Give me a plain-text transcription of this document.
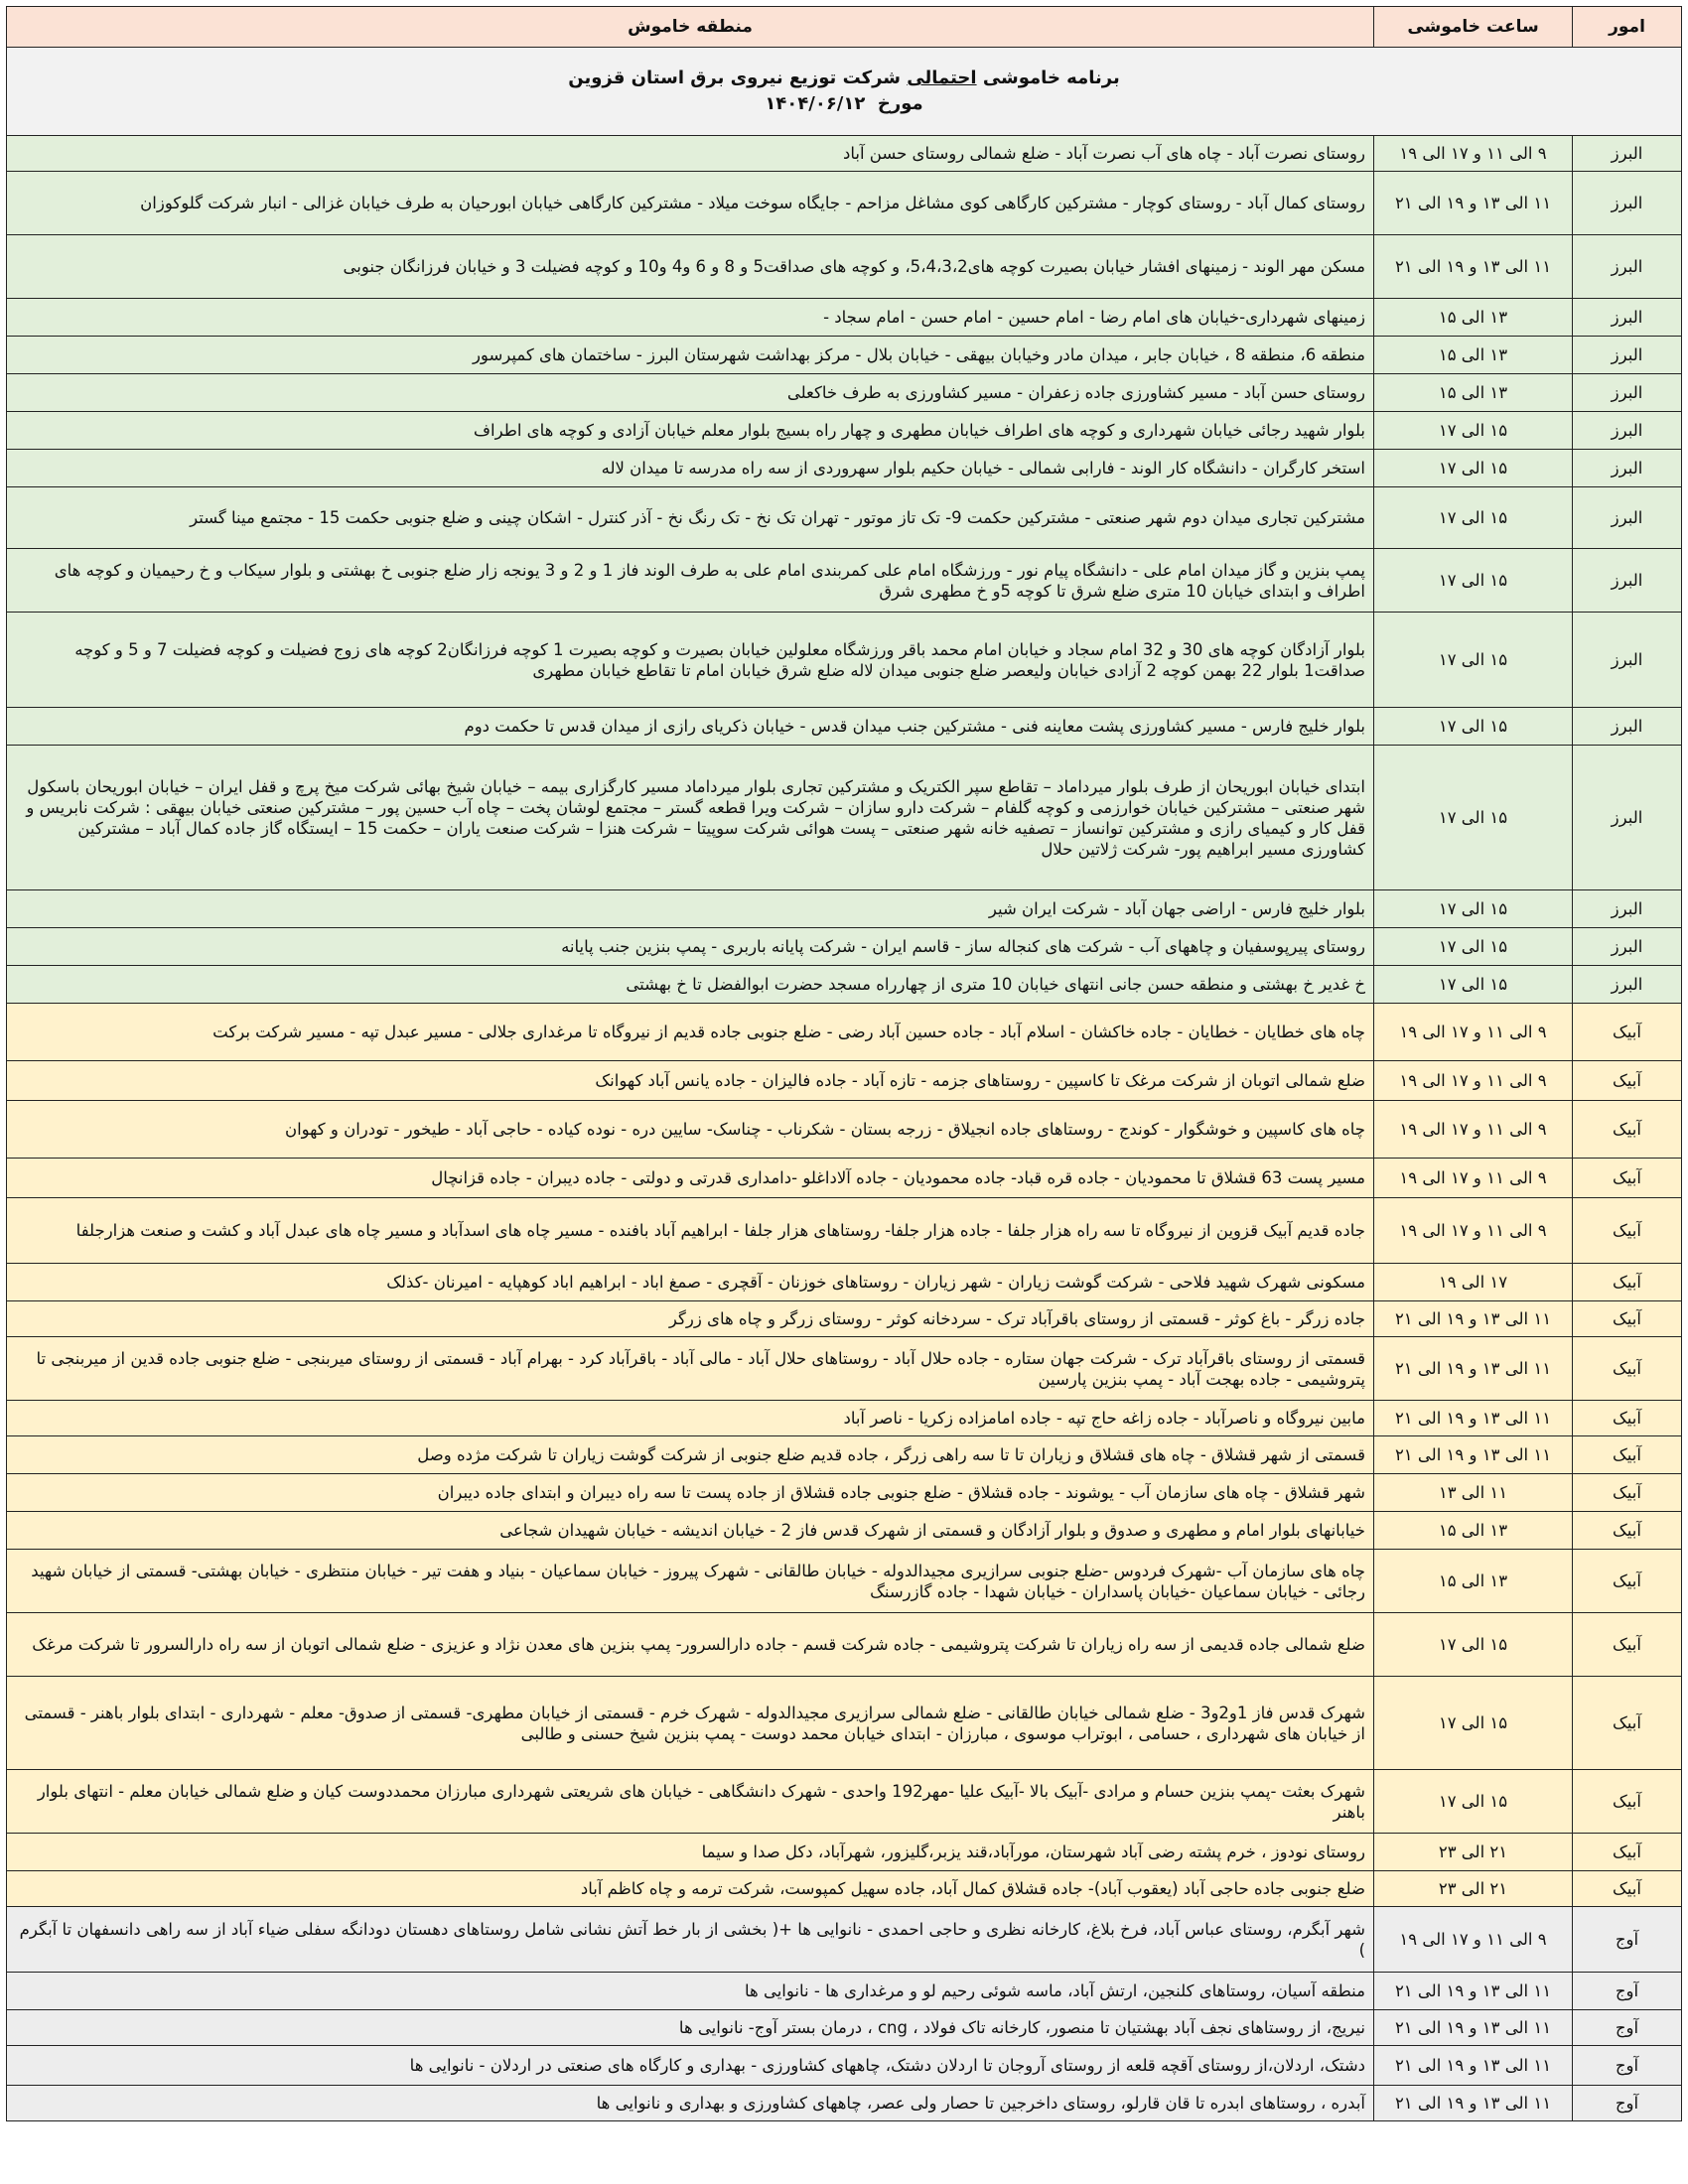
برنامه خاموشی احتمالی شرکت توزیع نیروی برق استان قزوین
مورخ  ۱۴۰۴/۰۶/۱۲		

امور	ساعت خاموشی	منطقه خاموش
البرز	۹ الی ۱۱ و ۱۷ الی ۱۹	روستای نصرت آباد - چاه های آب نصرت آباد - ضلع شمالی روستای حسن آباد
البرز	۱۱ الی ۱۳ و ۱۹ الی ۲۱	روستای کمال آباد - روستای کوچار - مشترکین کارگاهی کوی مشاغل مزاحم - جایگاه سوخت میلاد - مشترکین کارگاهی خیابان ابورحیان به طرف خیابان غزالی - انبار شرکت گلوکوزان
البرز	۱۱ الی ۱۳ و ۱۹ الی ۲۱	مسکن مهر الوند - زمینهای افشار خیابان بصیرت کوچه های5،4،3،2، و کوچه های صداقت5 و 8 و 6 و4 و10 و کوچه فضیلت 3 و خیابان فرزانگان جنوبی
البرز	۱۳ الی ۱۵	زمینهای شهرداری-خیابان های امام رضا - امام حسین - امام حسن - امام سجاد -
البرز	۱۳ الی ۱۵	منطقه 6، منطقه 8 ، خیابان جابر ، میدان مادر وخیابان بیهقی - خیابان بلال - مرکز بهداشت شهرستان البرز - ساختمان های کمپرسور
البرز	۱۳ الی ۱۵	روستای حسن آباد - مسیر کشاورزی جاده زعفران - مسیر کشاورزی به طرف خاکعلی
البرز	۱۵ الی ۱۷	بلوار شهید رجائی خیابان شهرداری و کوچه های اطراف خیابان مطهری و چهار راه بسیج بلوار معلم خیابان آزادی و کوچه های اطراف
البرز	۱۵ الی ۱۷	استخر کارگران - دانشگاه کار الوند - فارابی شمالی - خیابان حکیم بلوار سهروردی از سه راه مدرسه تا میدان لاله
البرز	۱۵ الی ۱۷	مشترکین تجاری میدان دوم شهر صنعتی - مشترکین حکمت 9- تک تاز موتور - تهران تک نخ - تک رنگ نخ - آذر کنترل - اشکان چینی و ضلع جنوبی حکمت 15 - مجتمع مینا گستر
البرز	۱۵ الی ۱۷	پمپ بنزین و گاز میدان امام علی - دانشگاه پیام نور - ورزشگاه امام علی کمربندی امام علی به طرف الوند فاز 1 و 2 و 3 یونجه زار ضلع جنوبی خ بهشتی و بلوار سیکاب و خ رحیمیان و کوچه های اطراف و ابتدای خیابان 10 متری ضلع شرق تا کوچه 5و خ مطهری شرق
البرز	۱۵ الی ۱۷	بلوار آزادگان کوچه های 30 و 32 امام سجاد و خیابان امام محمد باقر ورزشگاه معلولین خیابان بصیرت و کوچه بصیرت 1 کوچه فرزانگان2 کوچه های زوج فضیلت و کوچه فضیلت 7 و 5 و کوچه صداقت1 بلوار 22 بهمن کوچه 2 آزادی خیابان ولیعصر ضلع جنوبی میدان لاله ضلع شرق خیابان امام تا تقاطع خیابان مطهری
البرز	۱۵ الی ۱۷	بلوار خلیج فارس - مسیر کشاورزی پشت معاینه فنی - مشترکین جنب میدان قدس - خیابان ذکریای رازی از میدان قدس تا حکمت دوم
البرز	۱۵ الی ۱۷	ابتدای خیابان ابوریحان از طرف بلوار میرداماد – تقاطع سپر الکتریک و مشترکین تجاری بلوار میرداماد مسیر کارگزاری بیمه – خیابان شیخ بهائی شرکت میخ پرچ و قفل ایران – خیابان ابوریحان باسکول شهر صنعتی – مشترکین خیابان خوارزمی و کوچه گلفام – شرکت دارو سازان – شرکت ویرا قطعه گستر – مجتمع لوشان پخت – چاه آب حسین پور – مشترکین صنعتی خیابان بیهقی : شرکت نابریس و قفل کار و کیمیای رازی و مشترکین توانساز – تصفیه خانه شهر صنعتی – پست هوائی شرکت سوپیتا – شرکت هنزا – شرکت صنعت یاران – حکمت 15 – ایستگاه گاز جاده کمال آباد – مشترکین کشاورزی مسیر ابراهیم پور- شرکت ژلاتین حلال
البرز	۱۵ الی ۱۷	بلوار خلیج فارس - اراضی جهان آباد - شرکت ایران شیر
البرز	۱۵ الی ۱۷	روستای پیرپوسفیان و چاههای آب - شرکت های کنجاله ساز - قاسم ایران - شرکت پایانه باربری - پمپ بنزین جنب پایانه
البرز	۱۵ الی ۱۷	خ غدیر خ بهشتی و منطقه حسن جانی انتهای خیابان 10 متری از چهارراه مسجد حضرت ابوالفضل تا خ بهشتی
آبیک	۹ الی ۱۱ و ۱۷ الی ۱۹	چاه های خطایان - خطایان - جاده خاکشان - اسلام آباد - جاده حسین آباد رضی - ضلع جنوبی جاده قدیم از نیروگاه تا مرغداری جلالی - مسیر عبدل تپه - مسیر شرکت برکت
آبیک	۹ الی ۱۱ و ۱۷ الی ۱۹	ضلع شمالی اتوبان از شرکت مرغک تا کاسپین - روستاهای جزمه - تازه آباد - جاده فالیزان - جاده یانس آباد کهوانک
آبیک	۹ الی ۱۱ و ۱۷ الی ۱۹	چاه های کاسپین و خوشگوار - کوندج - روستاهای جاده انجیلاق - زرجه بستان - شکرناب - چناسک- سایین دره - نوده کیاده - حاجی آباد - طیخور - تودران و کهوان
آبیک	۹ الی ۱۱ و ۱۷ الی ۱۹	مسیر پست 63 قشلاق تا محمودیان - جاده قره قباد- جاده محمودیان - جاده آلاداغلو -دامداری قدرتی و دولتی - جاده دیبران - جاده قزانچال
آبیک	۹ الی ۱۱ و ۱۷ الی ۱۹	جاده قدیم آبیک قزوین از نیروگاه تا سه راه هزار جلفا - جاده هزار جلفا- روستاهای هزار جلفا - ابراهیم آباد بافنده - مسیر چاه های اسدآباد و مسیر چاه های عبدل آباد و کشت و صنعت هزارجلفا
آبیک	۱۷ الی ۱۹	مسکونی شهرک شهید فلاحی - شرکت گوشت زیاران - شهر زیاران - روستاهای خوزنان - آقچری - صمغ اباد - ابراهیم اباد کوهپایه - امیرنان -کذلک
آبیک	۱۱ الی ۱۳ و ۱۹ الی ۲۱	جاده زرگر - باغ کوثر - قسمتی از روستای باقرآباد ترک - سردخانه کوثر - روستای زرگر و چاه های زرگر
آبیک	۱۱ الی ۱۳ و ۱۹ الی ۲۱	قسمتی از روستای باقرآباد ترک - شرکت جهان ستاره - جاده حلال آباد - روستاهای حلال آباد - مالی آباد - باقرآباد کرد - بهرام آباد - قسمتی از روستای میربنجی - ضلع جنوبی جاده قدین از میربنجی تا پتروشیمی - جاده بهجت آباد - پمپ بنزین پارسین
آبیک	۱۱ الی ۱۳ و ۱۹ الی ۲۱	مابین نیروگاه و ناصرآباد - جاده زاغه حاج تپه - جاده امامزاده زکریا - ناصر آباد
آبیک	۱۱ الی ۱۳ و ۱۹ الی ۲۱	قسمتی از شهر قشلاق - چاه های قشلاق و زیاران تا تا سه راهی زرگر ، جاده قدیم ضلع جنوبی از شرکت گوشت زیاران تا شرکت مژده وصل
آبیک	۱۱ الی ۱۳	شهر قشلاق - چاه های سازمان آب - یوشوند - جاده قشلاق - ضلع جنوبی جاده قشلاق از جاده پست تا سه راه دیبران و ابتدای جاده دیبران
آبیک	۱۳ الی ۱۵	خیابانهای بلوار امام و مطهری و صدوق و بلوار آزادگان و قسمتی از شهرک قدس فاز 2 - خیابان اندیشه - خیابان شهیدان شجاعی
آبیک	۱۳ الی ۱۵	چاه های سازمان آب -شهرک فردوس -ضلع جنوبی سرازیری مجیدالدوله - خیابان طالقانی - شهرک پیروز - خیابان سماعیان - بنیاد و هفت تیر - خیابان منتظری - خیابان بهشتی- قسمتی از خیابان شهید رجائی - خیابان سماعیان -خیابان پاسداران - خیابان شهدا - جاده گازرسنگ
آبیک	۱۵ الی ۱۷	ضلع شمالی جاده قدیمی از سه راه زیاران تا شرکت پتروشیمی - جاده شرکت قسم - جاده دارالسرور- پمپ بنزین های معدن نژاد و عزیزی - ضلع شمالی اتوبان از سه راه دارالسرور تا شرکت مرغک
آبیک	۱۵ الی ۱۷	شهرک قدس فاز 1و2و3 - ضلع شمالی خیابان طالقانی - ضلع شمالی سرازیری مجیدالدوله - شهرک خرم - قسمتی از خیابان مطهری- قسمتی از صدوق- معلم - شهرداری - ابتدای بلوار باهنر - قسمتی از خیابان های شهرداری ، حسامی ، ابوتراب موسوی ، مبارزان - ابتدای خیابان محمد دوست - پمپ بنزین شیخ حسنی و طالبی
آبیک	۱۵ الی ۱۷	شهرک بعثت -پمپ بنزین حسام و مرادی -آبیک بالا -آبیک علیا -مهر192 واحدی - شهرک دانشگاهی - خیابان های شریعتی شهرداری مبارزان محمددوست کیان و ضلع شمالی خیابان معلم - انتهای بلوار باهنر
آبیک	۲۱ الی ۲۳	روستای نودوز ، خرم پشته رضی آباد شهرستان، مورآباد،قند یزبر،گلیزور، شهرآباد، دکل صدا و سیما
آبیک	۲۱ الی ۲۳	ضلع جنوبی جاده حاجی آباد (یعقوب آباد)- جاده قشلاق کمال آباد، جاده سهیل کمپوست، شرکت ترمه و چاه کاظم آباد
آوج	۹ الی ۱۱ و ۱۷ الی ۱۹	شهر آبگرم، روستای عباس آباد، فرخ بلاغ، کارخانه نظری و حاجی احمدی - نانوایی ها +( بخشی از بار خط آتش نشانی شامل روستاهای دهستان دودانگه سفلی ضیاء آباد از سه راهی دانسفهان تا آبگرم )
آوج	۱۱ الی ۱۳ و ۱۹ الی ۲۱	منطقه آسیان، روستاهای کلنجین، ارتش آباد، ماسه شوئی رحیم لو و مرغداری ها - نانوایی ها
آوج	۱۱ الی ۱۳ و ۱۹ الی ۲۱	نیریج، از روستاهای نجف آباد بهشتیان تا منصور، کارخانه تاک فولاد ، cng ، درمان بستر آوج- نانوایی ها
آوج	۱۱ الی ۱۳ و ۱۹ الی ۲۱	دشتک، اردلان،از روستای آقچه قلعه از روستای آروجان تا اردلان دشتک، چاههای کشاورزی - بهداری و کارگاه های صنعتی در اردلان - نانوایی ها
آوج	۱۱ الی ۱۳ و ۱۹ الی ۲۱	آبدره ، روستاهای ابدره تا قان قارلو، روستای داخرجین تا حصار ولی عصر، چاههای کشاورزی و بهداری و نانوایی ها
